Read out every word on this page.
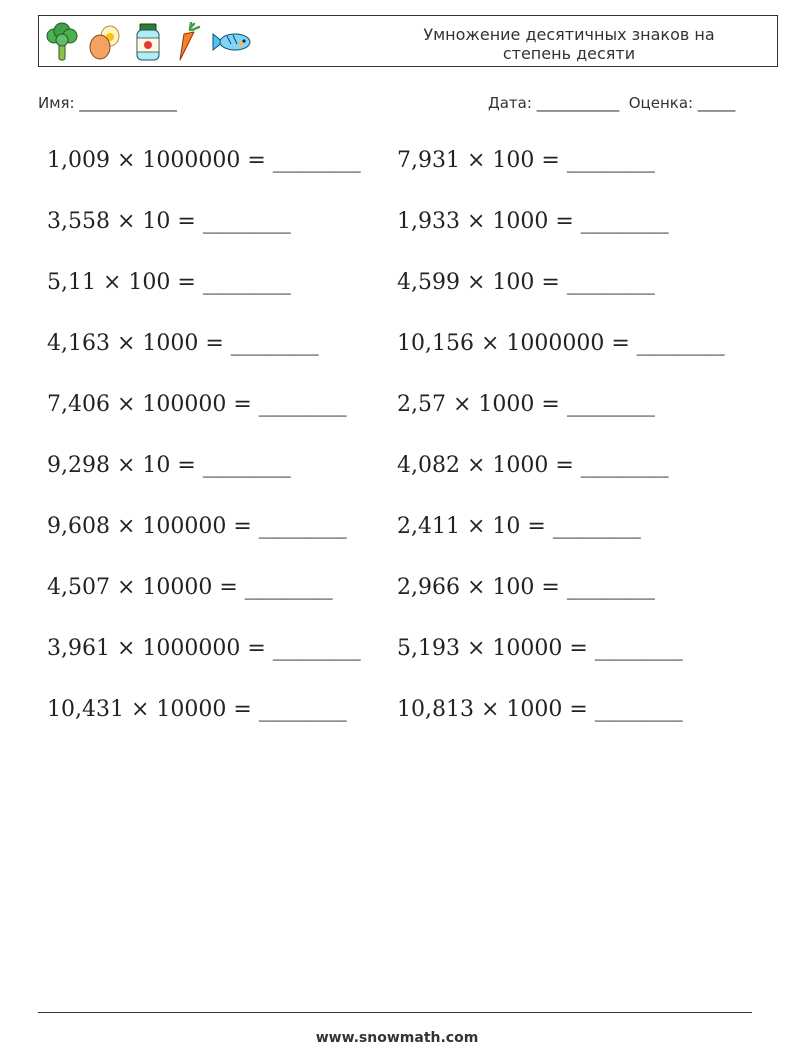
Умножение десятичных знаков на
степень десяти
Имя: _____________	Дата: ___________ Оценка: _____
1,009 × 1000000 = ________
3,558 × 10 = ________
5,11 × 100 = ________
4,163 × 1000 = ________
7,406 × 100000 = ________
9,298 × 10 = ________
9,608 × 100000 = ________
4,507 × 10000 = ________
3,961 × 1000000 = ________
10,431 × 10000 = ________
7,931 × 100 = ________
1,933 × 1000 = ________
4,599 × 100 = ________
10,156 × 1000000 = ________
2,57 × 1000 = ________
4,082 × 1000 = ________
2,411 × 10 = ________
2,966 × 100 = ________
5,193 × 10000 = ________
10,813 × 1000 = ________
www.snowmath.com
